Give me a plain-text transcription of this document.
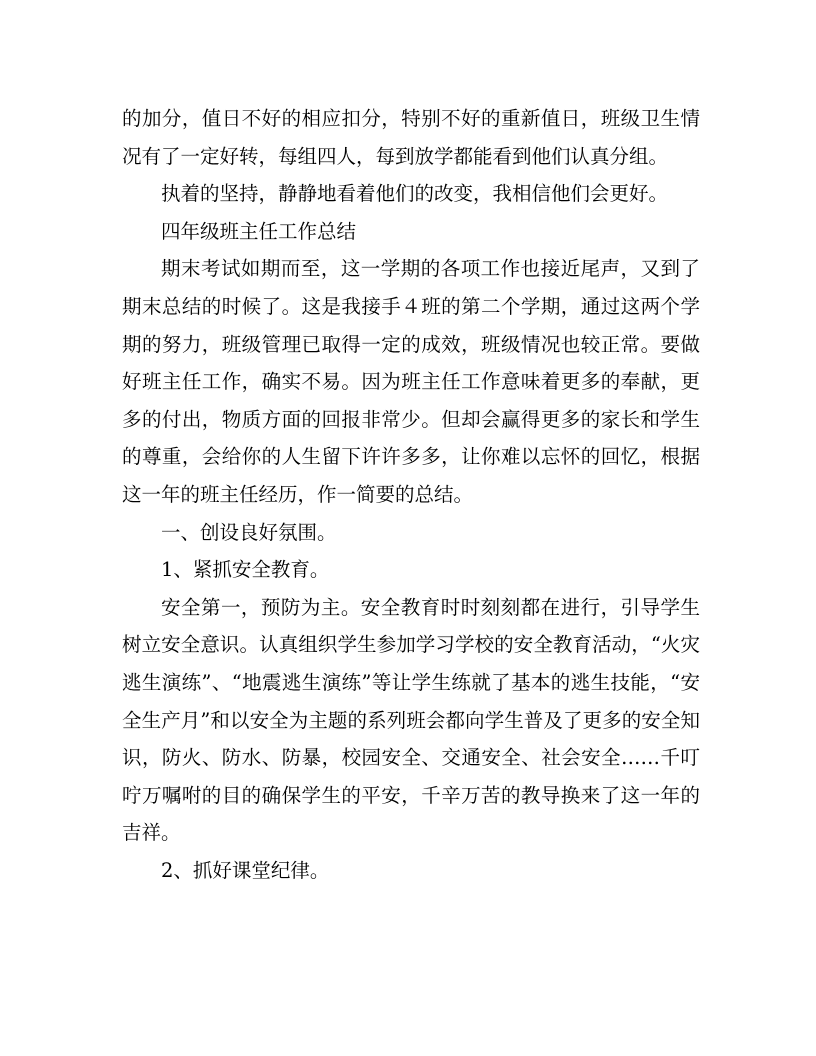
的加分，值日不好的相应扣分，特别不好的重新值日，班级卫生情况有了一定好转，每组四人，每到放学都能看到他们认真分组。

执着的坚持，静静地看着他们的改变，我相信他们会更好。

四年级班主任工作总结

期末考试如期而至，这一学期的各项工作也接近尾声，又到了期末总结的时候了。这是我接手４班的第二个学期，通过这两个学期的努力，班级管理已取得一定的成效，班级情况也较正常。要做好班主任工作，确实不易。因为班主任工作意味着更多的奉献，更多的付出，物质方面的回报非常少。但却会赢得更多的家长和学生的尊重，会给你的人生留下许许多多，让你难以忘怀的回忆，根据这一年的班主任经历，作一简要的总结。

一、创设良好氛围。

1、紧抓安全教育。

安全第一，预防为主。安全教育时时刻刻都在进行，引导学生树立安全意识。认真组织学生参加学习学校的安全教育活动，“火灾逃生演练”、“地震逃生演练”等让学生练就了基本的逃生技能，“安全生产月”和以安全为主题的系列班会都向学生普及了更多的安全知识，防火、防水、防暴，校园安全、交通安全、社会安全……千叮咛万嘱咐的目的确保学生的平安，千辛万苦的教导换来了这一年的吉祥。

2、抓好课堂纪律。
